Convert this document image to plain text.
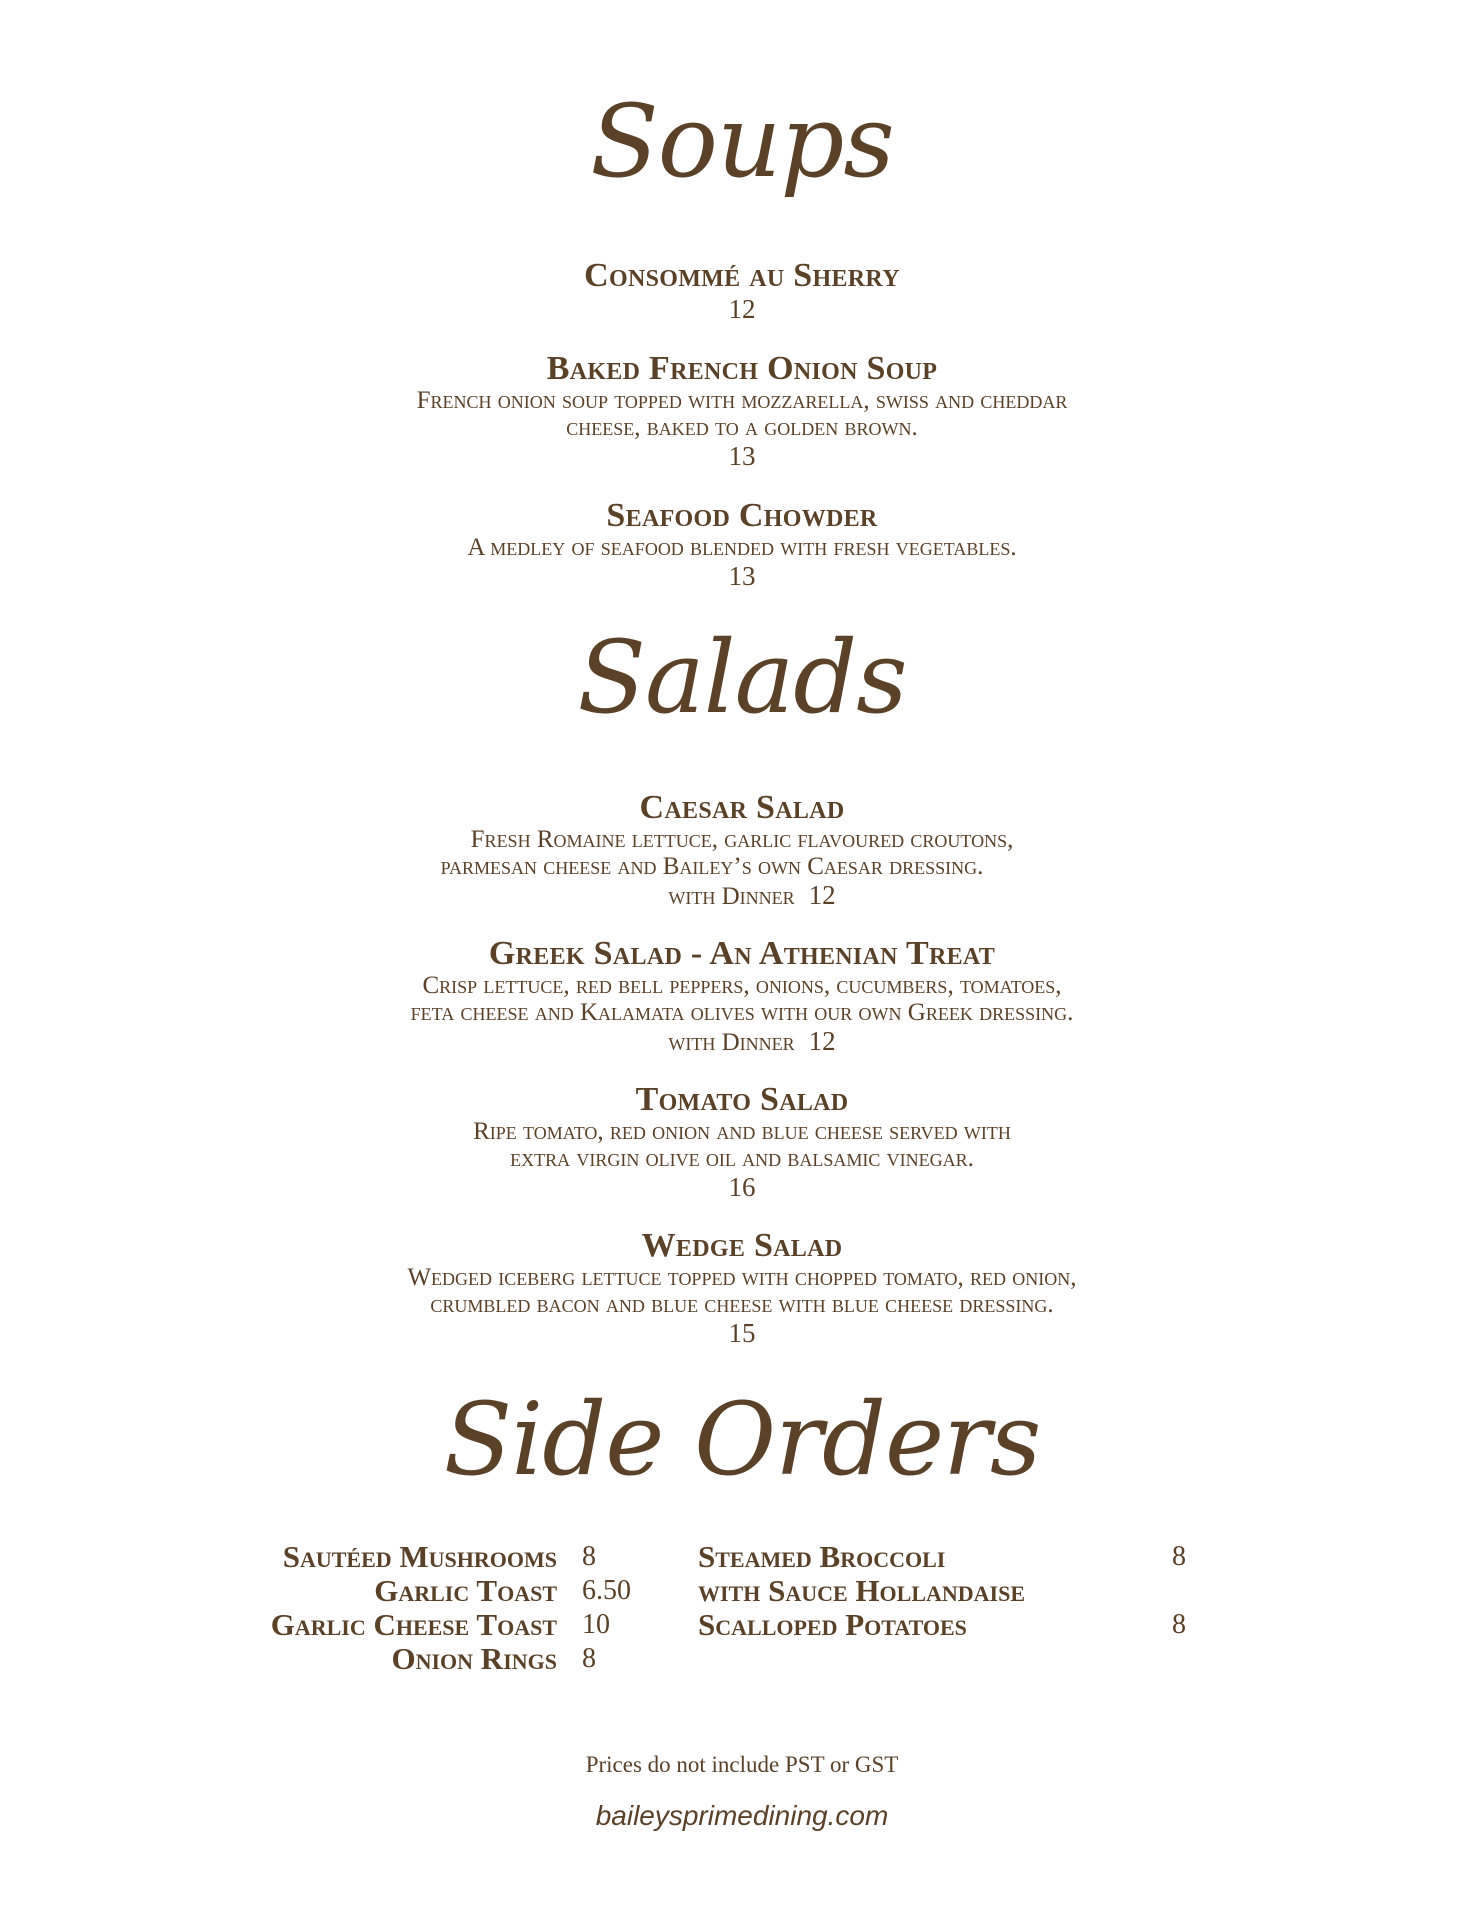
Soups
Consommé au Sherry
12
Baked French Onion Soup
French onion soup topped with mozzarella, swiss and cheddar
cheese, baked to a golden brown.
13
Seafood Chowder
A medley of seafood blended with fresh vegetables.
13
Salads
Caesar Salad
Fresh Romaine lettuce, garlic flavoured croutons,
parmesan cheese and Bailey’s own Caesar dressing.
with Dinner 12
Greek Salad - An Athenian Treat
Crisp lettuce, red bell peppers, onions, cucumbers, tomatoes,
feta cheese and Kalamata olives with our own Greek dressing.
with Dinner 12
Tomato Salad
Ripe tomato, red onion and blue cheese served with
extra virgin olive oil and balsamic vinegar.
16
Wedge Salad
Wedged iceberg lettuce topped with chopped tomato, red onion,
crumbled bacon and blue cheese with blue cheese dressing.
15
Side Orders
Sautéed Mushrooms 8
Garlic Toast 6.50
Garlic Cheese Toast 10
Onion Rings 8
Steamed Broccoli	8
with Sauce Hollandaise
Scalloped Potatoes	8
Prices do not include PST or GST
baileysprimedining.com
